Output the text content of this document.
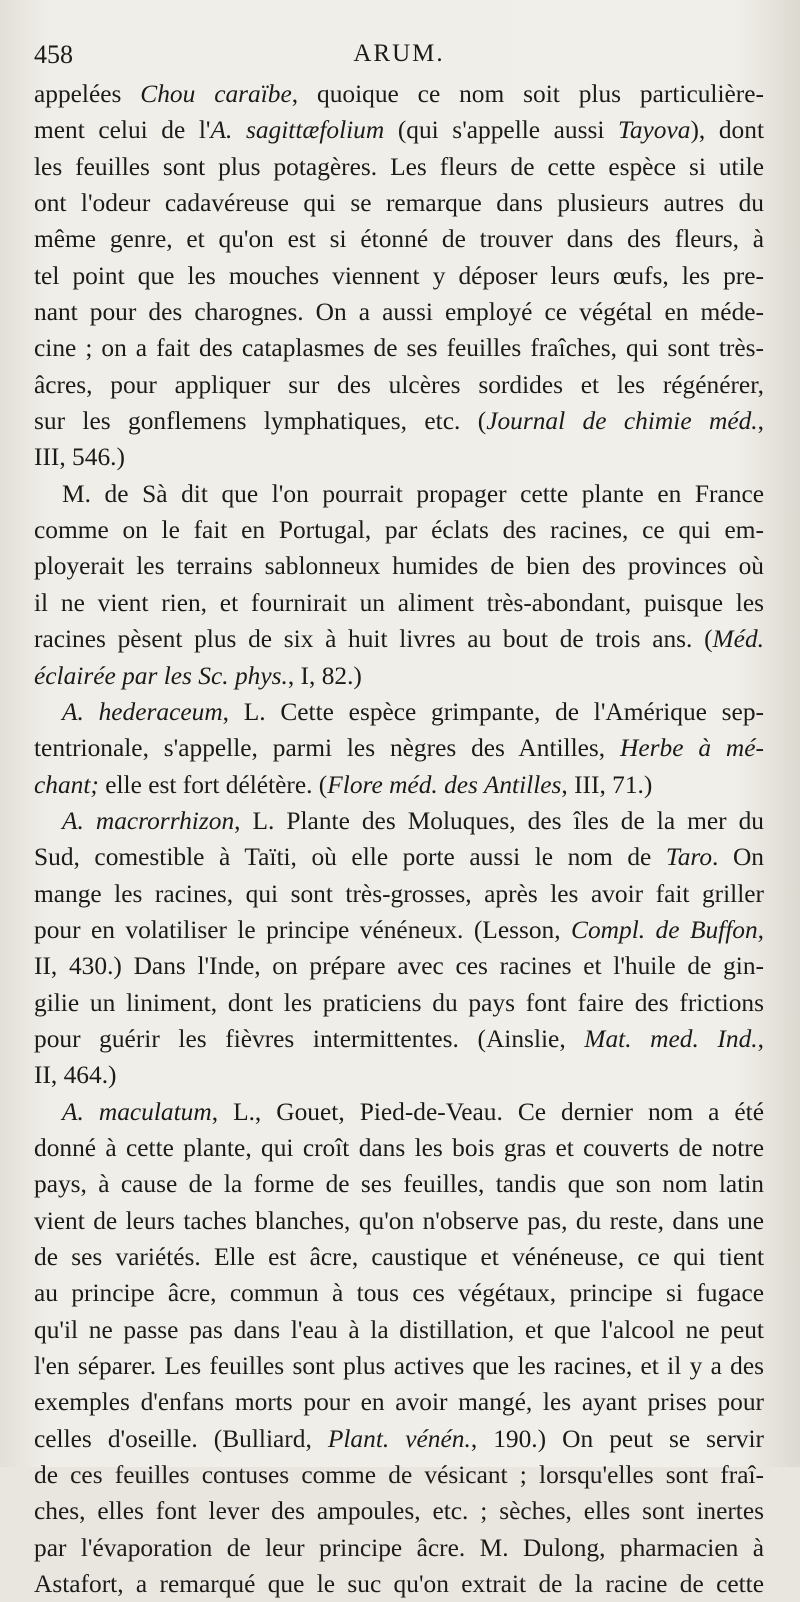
458	ARUM.
appelées Chou caraïbe, quoique ce nom soit plus particulière-
ment celui de l'A. sagittæfolium (qui s'appelle aussi Tayova), dont
les feuilles sont plus potagères. Les fleurs de cette espèce si utile
ont l'odeur cadavéreuse qui se remarque dans plusieurs autres du
même genre, et qu'on est si étonné de trouver dans des fleurs, à
tel point que les mouches viennent y déposer leurs œufs, les pre-
nant pour des charognes. On a aussi employé ce végétal en méde-
cine ; on a fait des cataplasmes de ses feuilles fraîches, qui sont très-
âcres, pour appliquer sur des ulcères sordides et les régénérer,
sur les gonflemens lymphatiques, etc. (Journal de chimie méd.,
III, 546.)
M. de Sà dit que l'on pourrait propager cette plante en France
comme on le fait en Portugal, par éclats des racines, ce qui em-
ployerait les terrains sablonneux humides de bien des provinces où
il ne vient rien, et fournirait un aliment très-abondant, puisque les
racines pèsent plus de six à huit livres au bout de trois ans. (Méd.
éclairée par les Sc. phys., I, 82.)
A. hederaceum, L. Cette espèce grimpante, de l'Amérique sep-
tentrionale, s'appelle, parmi les nègres des Antilles, Herbe à mé-
chant; elle est fort délétère. (Flore méd. des Antilles, III, 71.)
A. macrorrhizon, L. Plante des Moluques, des îles de la mer du
Sud, comestible à Taïti, où elle porte aussi le nom de Taro. On
mange les racines, qui sont très-grosses, après les avoir fait griller
pour en volatiliser le principe vénéneux. (Lesson, Compl. de Buffon,
II, 430.) Dans l'Inde, on prépare avec ces racines et l'huile de gin-
gilie un liniment, dont les praticiens du pays font faire des frictions
pour guérir les fièvres intermittentes. (Ainslie, Mat. med. Ind.,
II, 464.)
A. maculatum, L., Gouet, Pied-de-Veau. Ce dernier nom a été
donné à cette plante, qui croît dans les bois gras et couverts de notre
pays, à cause de la forme de ses feuilles, tandis que son nom latin
vient de leurs taches blanches, qu'on n'observe pas, du reste, dans une
de ses variétés. Elle est âcre, caustique et vénéneuse, ce qui tient
au principe âcre, commun à tous ces végétaux, principe si fugace
qu'il ne passe pas dans l'eau à la distillation, et que l'alcool ne peut
l'en séparer. Les feuilles sont plus actives que les racines, et il y a des
exemples d'enfans morts pour en avoir mangé, les ayant prises pour
celles d'oseille. (Bulliard, Plant. vénén., 190.) On peut se servir
de ces feuilles contuses comme de vésicant ; lorsqu'elles sont fraî-
ches, elles font lever des ampoules, etc. ; sèches, elles sont inertes
par l'évaporation de leur principe âcre. M. Dulong, pharmacien à
Astafort, a remarqué que le suc qu'on extrait de la racine de cette
